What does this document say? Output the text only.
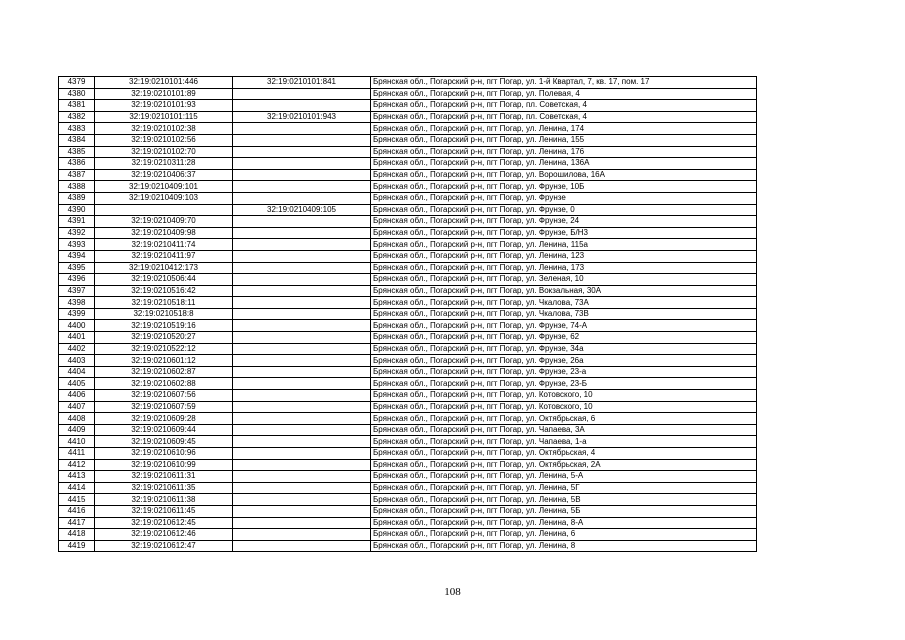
4379	32:19:0210101:446	32:19:0210101:841	Брянская обл., Погарский р-н, пгт Погар, ул. 1-й Квартал, 7, кв. 17, пом. 17
4380	32:19:0210101:89		Брянская обл., Погарский р-н, пгт Погар, ул. Полевая, 4
4381	32:19:0210101:93		Брянская обл., Погарский р-н, пгт Погар, пл. Советская, 4
4382	32:19:0210101:115	32:19:0210101:943	Брянская обл., Погарский р-н, пгт Погар, пл. Советская, 4
4383	32:19:0210102:38		Брянская обл., Погарский р-н, пгт Погар, ул. Ленина, 174
4384	32:19:0210102:56		Брянская обл., Погарский р-н, пгт Погар, ул. Ленина, 155
4385	32:19:0210102:70		Брянская обл., Погарский р-н, пгт Погар, ул. Ленина, 176
4386	32:19:0210311:28		Брянская обл., Погарский р-н, пгт Погар, ул. Ленина, 136А
4387	32:19:0210406:37		Брянская обл., Погарский р-н, пгт Погар, ул. Ворошилова, 16А
4388	32:19:0210409:101		Брянская обл., Погарский р-н, пгт Погар, ул. Фрунзе, 10Б
4389	32:19:0210409:103		Брянская обл., Погарский р-н, пгт Погар, ул. Фрунзе
4390		32:19:0210409:105	Брянская обл., Погарский р-н, пгт Погар, ул. Фрунзе, 0
4391	32:19:0210409:70		Брянская обл., Погарский р-н, пгт Погар, ул. Фрунзе, 24
4392	32:19:0210409:98		Брянская обл., Погарский р-н, пгт Погар, ул. Фрунзе, Б/Н3
4393	32:19:0210411:74		Брянская обл., Погарский р-н, пгт Погар, ул. Ленина, 115а
4394	32:19:0210411:97		Брянская обл., Погарский р-н, пгт Погар, ул. Ленина, 123
4395	32:19:0210412:173		Брянская обл., Погарский р-н, пгт Погар, ул. Ленина, 173
4396	32:19:0210506:44		Брянская обл., Погарский р-н, пгт Погар, ул. Зеленая, 10
4397	32:19:0210516:42		Брянская обл., Погарский р-н, пгт Погар, ул. Вокзальная, 30А
4398	32:19:0210518:11		Брянская обл., Погарский р-н, пгт Погар, ул. Чкалова, 73А
4399	32:19:0210518:8		Брянская обл., Погарский р-н, пгт Погар, ул. Чкалова, 73В
4400	32:19:0210519:16		Брянская обл., Погарский р-н, пгт Погар, ул. Фрунзе, 74-А
4401	32:19:0210520:27		Брянская обл., Погарский р-н, пгт Погар, ул. Фрунзе, 62
4402	32:19:0210522:12		Брянская обл., Погарский р-н, пгт Погар, ул. Фрунзе, 34а
4403	32:19:0210601:12		Брянская обл., Погарский р-н, пгт Погар, ул. Фрунзе, 26а
4404	32:19:0210602:87		Брянская обл., Погарский р-н, пгт Погар, ул. Фрунзе, 23-а
4405	32:19:0210602:88		Брянская обл., Погарский р-н, пгт Погар, ул. Фрунзе, 23-Б
4406	32:19:0210607:56		Брянская обл., Погарский р-н, пгт Погар, ул. Котовского, 10
4407	32:19:0210607:59		Брянская обл., Погарский р-н, пгт Погар, ул. Котовского, 10
4408	32:19:0210609:28		Брянская обл., Погарский р-н, пгт Погар, ул. Октябрьская, 6
4409	32:19:0210609:44		Брянская обл., Погарский р-н, пгт Погар, ул. Чапаева, 3А
4410	32:19:0210609:45		Брянская обл., Погарский р-н, пгт Погар, ул. Чапаева, 1-а
4411	32:19:0210610:96		Брянская обл., Погарский р-н, пгт Погар, ул. Октябрьская, 4
4412	32:19:0210610:99		Брянская обл., Погарский р-н, пгт Погар, ул. Октябрьская, 2А
4413	32:19:0210611:31		Брянская обл., Погарский р-н, пгт Погар, ул. Ленина, 5-А
4414	32:19:0210611:35		Брянская обл., Погарский р-н, пгт Погар, ул. Ленина, 5Г
4415	32:19:0210611:38		Брянская обл., Погарский р-н, пгт Погар, ул. Ленина, 5В
4416	32:19:0210611:45		Брянская обл., Погарский р-н, пгт Погар, ул. Ленина, 5Б
4417	32:19:0210612:45		Брянская обл., Погарский р-н, пгт Погар, ул. Ленина, 8-А
4418	32:19:0210612:46		Брянская обл., Погарский р-н, пгт Погар, ул. Ленина, 6
4419	32:19:0210612:47		Брянская обл., Погарский р-н, пгт Погар, ул. Ленина, 8
108
